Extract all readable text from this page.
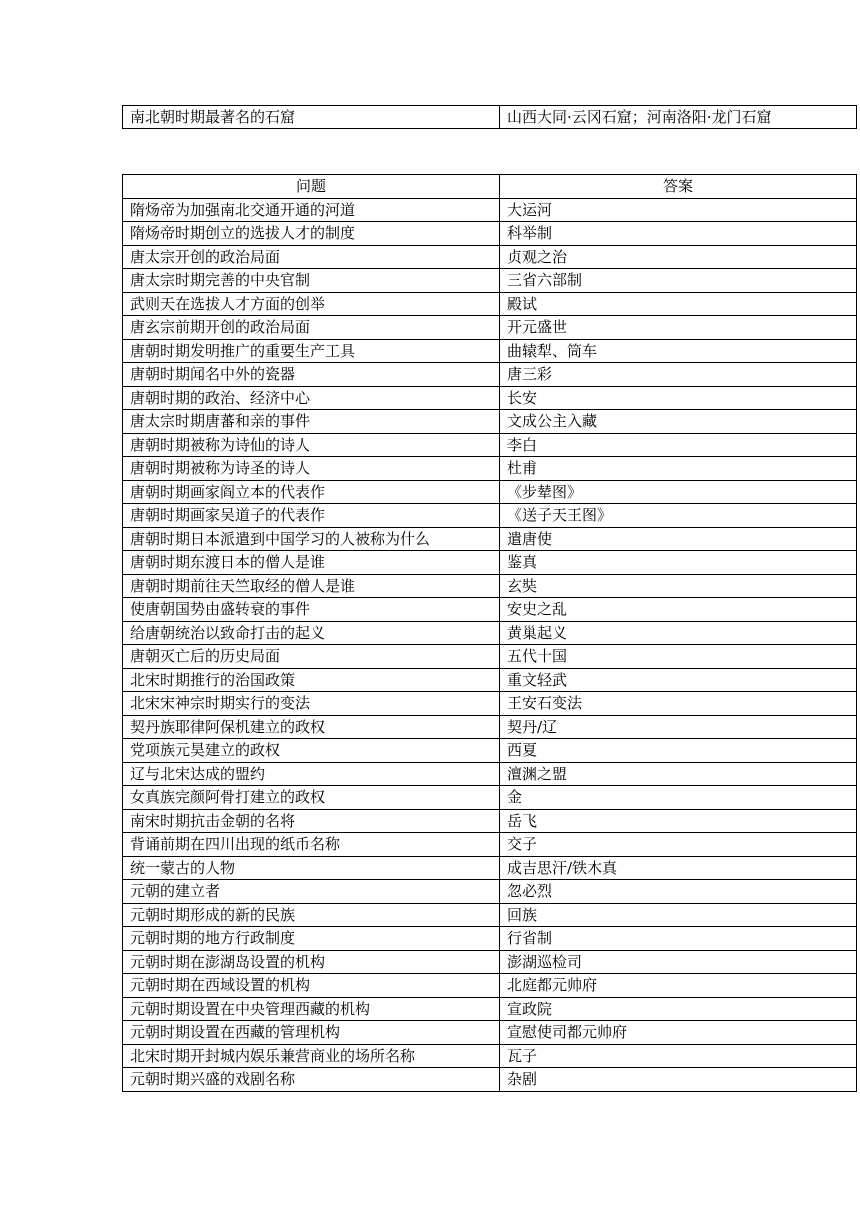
南北朝时期最著名的石窟	山西大同·云冈石窟；河南洛阳·龙门石窟
问题	答案
隋炀帝为加强南北交通开通的河道	大运河
隋炀帝时期创立的选拔人才的制度	科举制
唐太宗开创的政治局面	贞观之治
唐太宗时期完善的中央官制	三省六部制
武则天在选拔人才方面的创举	殿试
唐玄宗前期开创的政治局面	开元盛世
唐朝时期发明推广的重要生产工具	曲辕犁、筒车
唐朝时期闻名中外的瓷器	唐三彩
唐朝时期的政治、经济中心	长安
唐太宗时期唐蕃和亲的事件	文成公主入藏
唐朝时期被称为诗仙的诗人	李白
唐朝时期被称为诗圣的诗人	杜甫
唐朝时期画家阎立本的代表作	《步辇图》
唐朝时期画家吴道子的代表作	《送子天王图》
唐朝时期日本派遣到中国学习的人被称为什么	遣唐使
唐朝时期东渡日本的僧人是谁	鉴真
唐朝时期前往天竺取经的僧人是谁	玄奘
使唐朝国势由盛转衰的事件	安史之乱
给唐朝统治以致命打击的起义	黄巢起义
唐朝灭亡后的历史局面	五代十国
北宋时期推行的治国政策	重文轻武
北宋宋神宗时期实行的变法	王安石变法
契丹族耶律阿保机建立的政权	契丹/辽
党项族元昊建立的政权	西夏
辽与北宋达成的盟约	澶渊之盟
女真族完颜阿骨打建立的政权	金
南宋时期抗击金朝的名将	岳飞
背诵前期在四川出现的纸币名称	交子
统一蒙古的人物	成吉思汗/铁木真
元朝的建立者	忽必烈
元朝时期形成的新的民族	回族
元朝时期的地方行政制度	行省制
元朝时期在澎湖岛设置的机构	澎湖巡检司
元朝时期在西域设置的机构	北庭都元帅府
元朝时期设置在中央管理西藏的机构	宣政院
元朝时期设置在西藏的管理机构	宣慰使司都元帅府
北宋时期开封城内娱乐兼营商业的场所名称	瓦子
元朝时期兴盛的戏剧名称	杂剧
